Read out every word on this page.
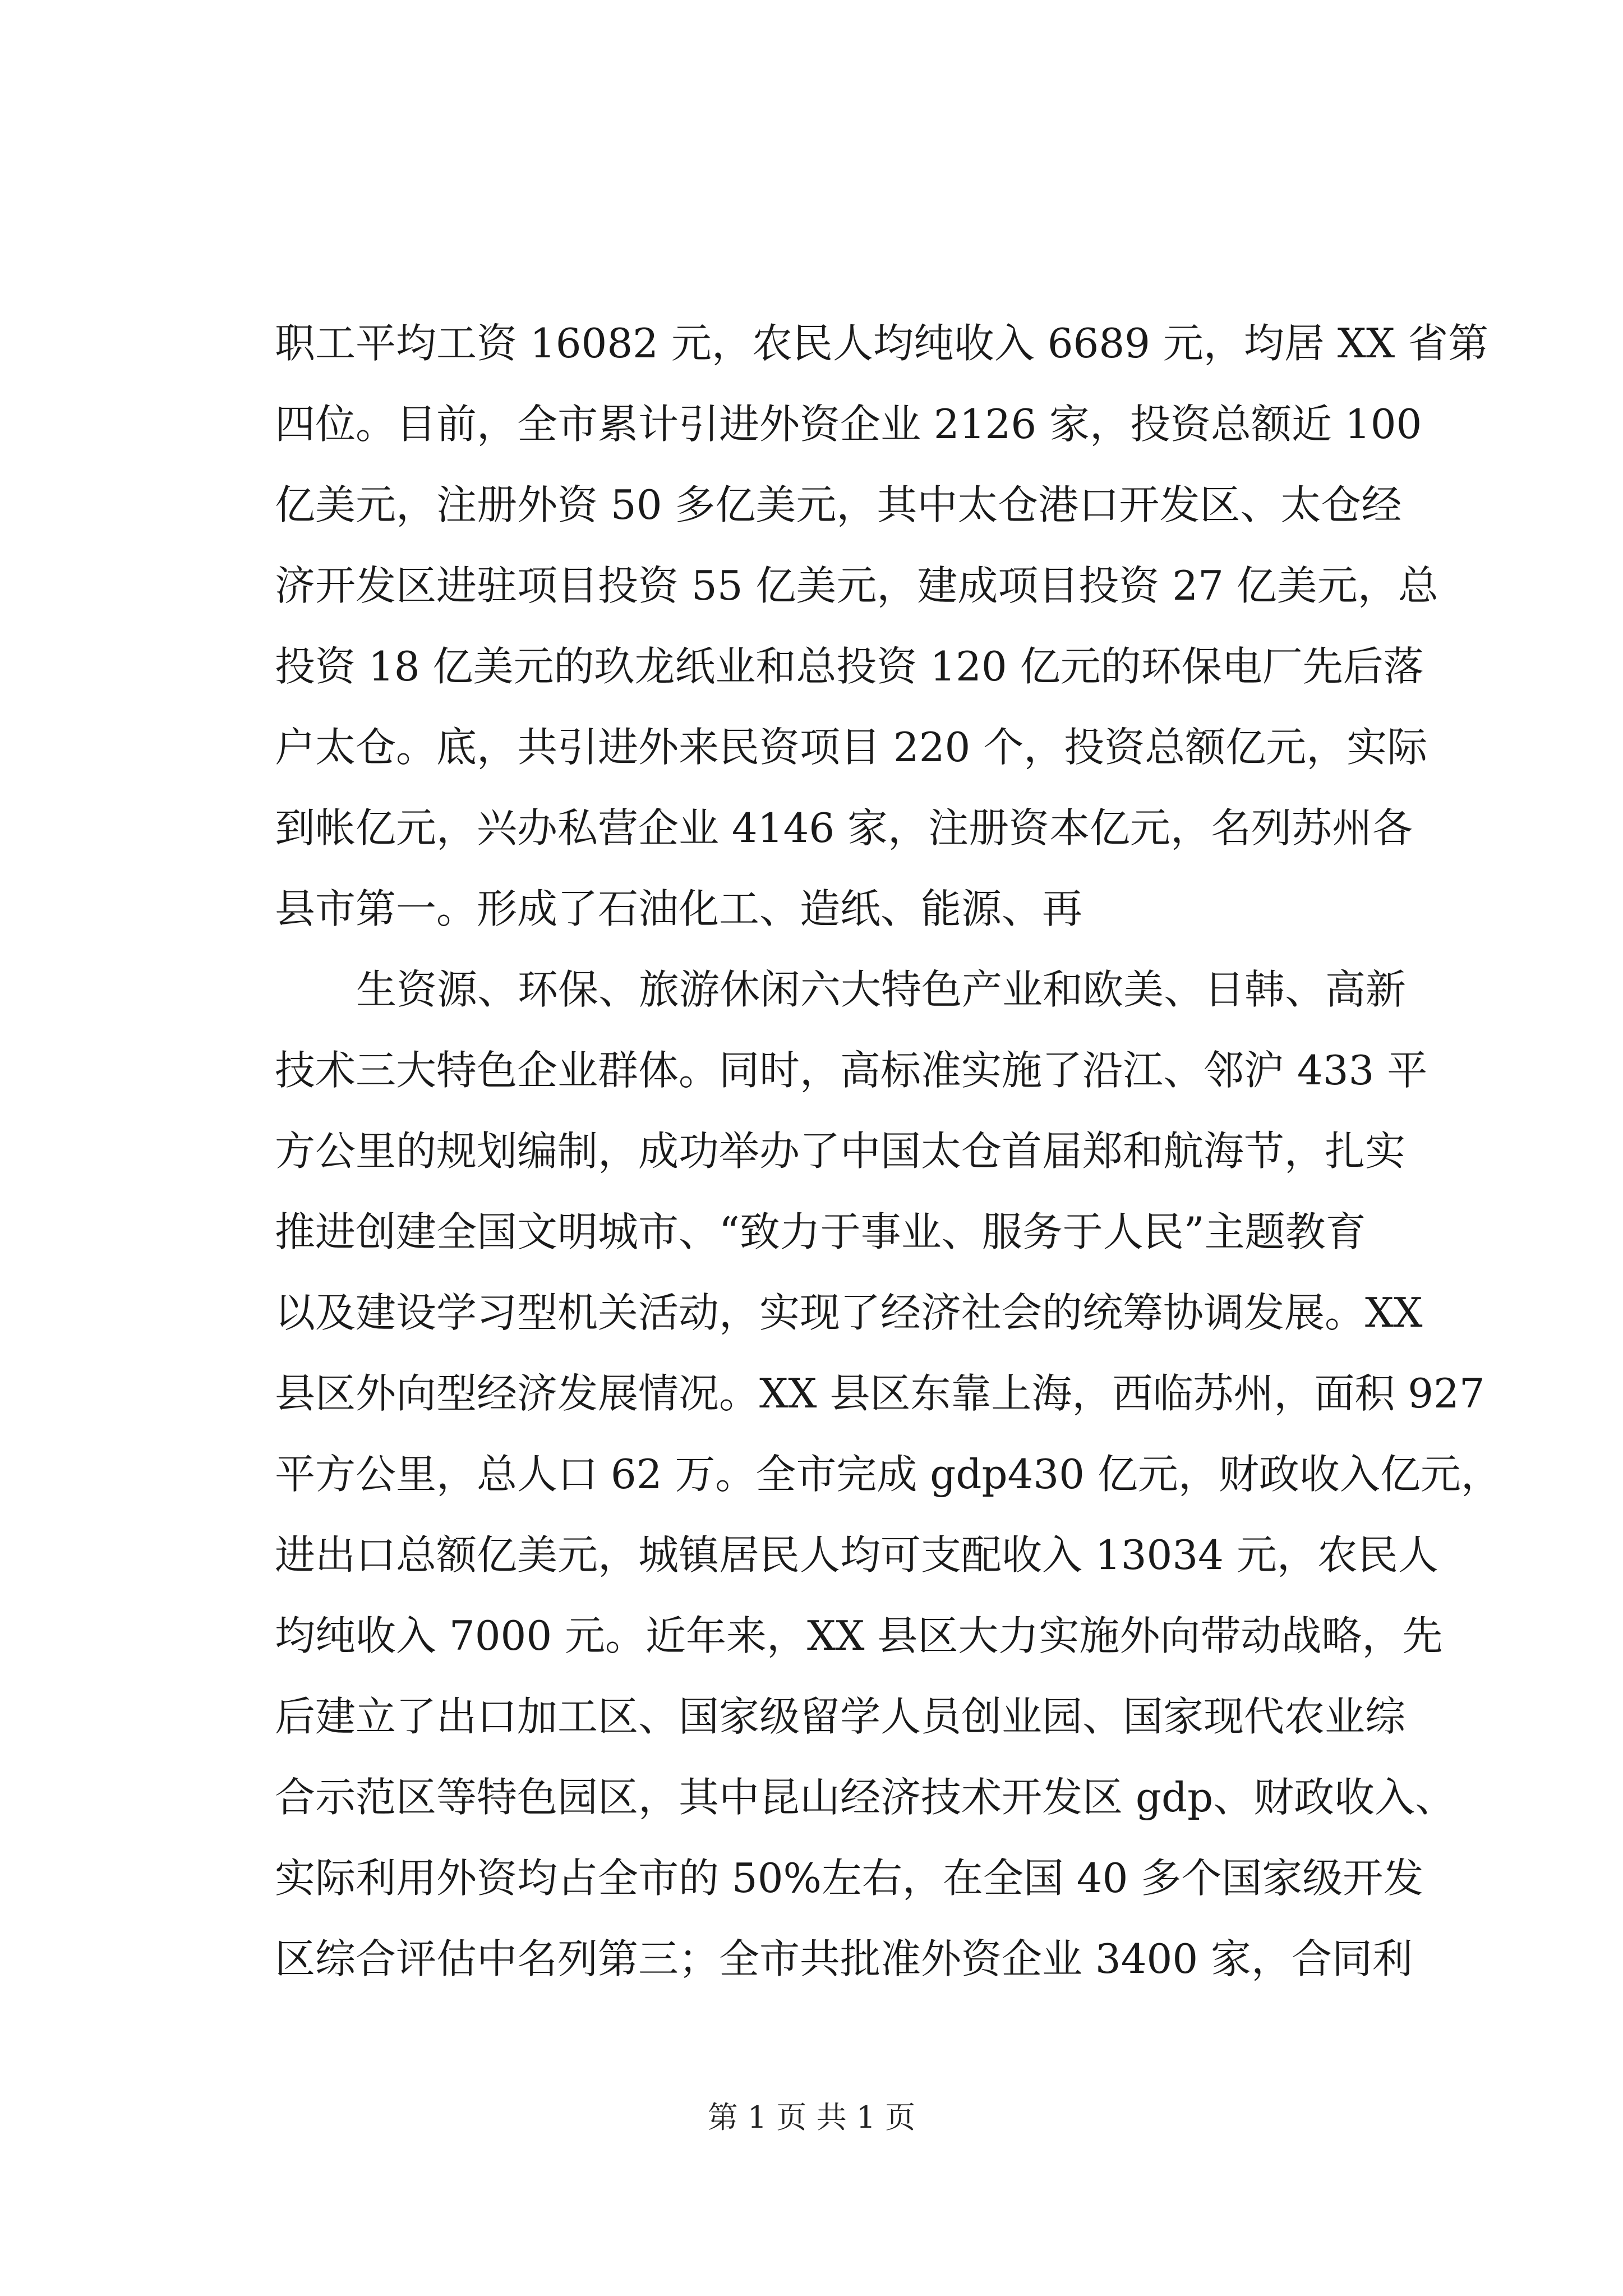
职工平均工资 16082 元，农民人均纯收入 6689 元，均居 XX 省第
四位。目前，全市累计引进外资企业 2126 家，投资总额近 100
亿美元，注册外资 50 多亿美元，其中太仓港口开发区、太仓经
济开发区进驻项目投资 55 亿美元，建成项目投资 27 亿美元，总
投资 18 亿美元的玖龙纸业和总投资 120 亿元的环保电厂先后落
户太仓。底，共引进外来民资项目 220 个，投资总额亿元，实际
到帐亿元，兴办私营企业 4146 家，注册资本亿元，名列苏州各
县市第一。形成了石油化工、造纸、能源、再
生资源、环保、旅游休闲六大特色产业和欧美、日韩、高新
技术三大特色企业群体。同时，高标准实施了沿江、邻沪 433 平
方公里的规划编制，成功举办了中国太仓首届郑和航海节，扎实
推进创建全国文明城市、“致力于事业、服务于人民”主题教育
以及建设学习型机关活动，实现了经济社会的统筹协调发展。XX
县区外向型经济发展情况。XX 县区东靠上海，西临苏州，面积 927
平方公里，总人口 62 万。全市完成 gdp430 亿元，财政收入亿元，
进出口总额亿美元，城镇居民人均可支配收入 13034 元，农民人
均纯收入 7000 元。近年来，XX 县区大力实施外向带动战略，先
后建立了出口加工区、国家级留学人员创业园、国家现代农业综
合示范区等特色园区，其中昆山经济技术开发区 gdp、财政收入、
实际利用外资均占全市的 50%左右，在全国 40 多个国家级开发
区综合评估中名列第三；全市共批准外资企业 3400 家，合同利
第 1 页 共 1 页
